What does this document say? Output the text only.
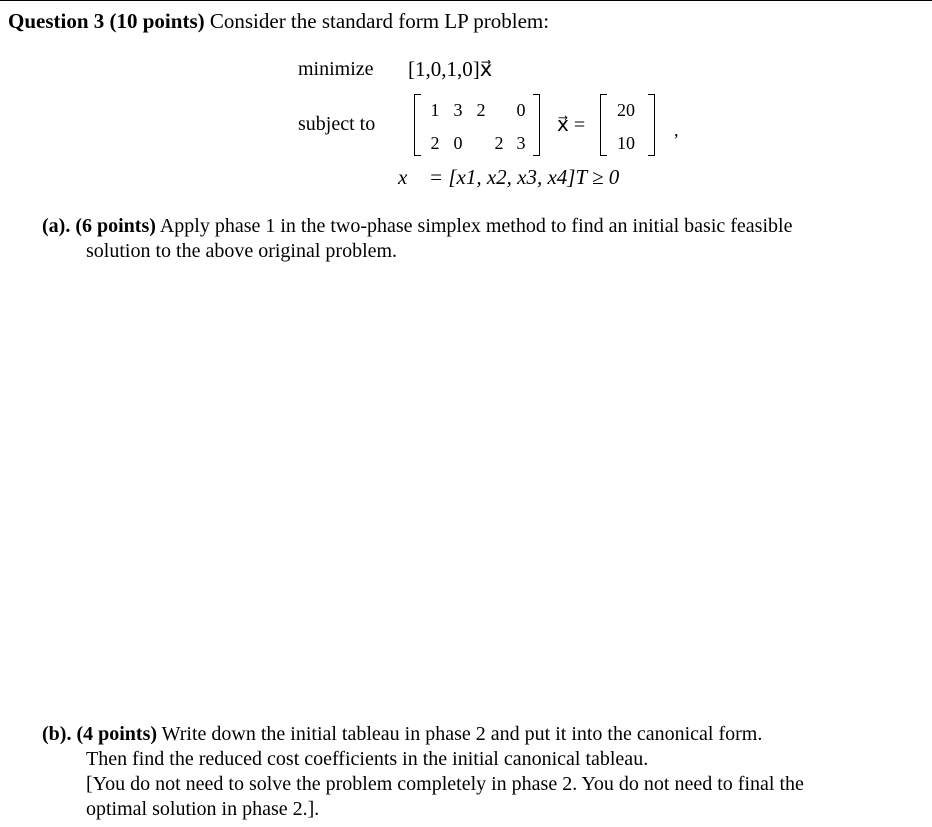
Question 3 (10 points) Consider the standard form LP problem:
minimize [1,0,1,0]x⃗
subject to
1 3 2 0
2 0 2 3
x⃗ =
20
10
,
x⃗ = [x1, x2, x3, x4]T ≥ 0⃗
(a). (6 points) Apply phase 1 in the two-phase simplex method to find an initial basic feasible
solution to the above original problem.
(b). (4 points) Write down the initial tableau in phase 2 and put it into the canonical form.
Then find the reduced cost coefficients in the initial canonical tableau.
[You do not need to solve the problem completely in phase 2. You do not need to final the
optimal solution in phase 2.].
